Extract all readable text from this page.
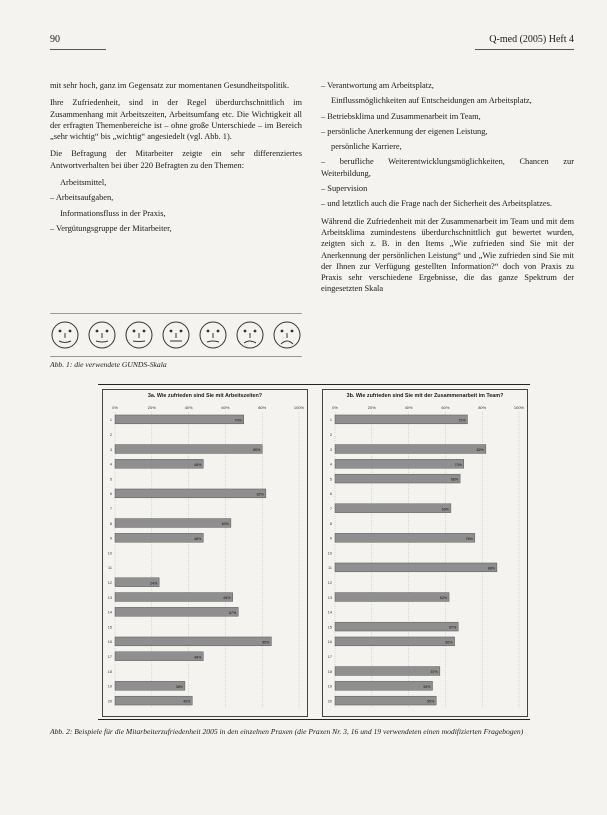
90	Q-med (2005) Heft 4

mit sehr hoch, ganz im Gegensatz zur momentanen Gesundheitspolitik.

Ihre Zufriedenheit, sind in der Regel überdurchschnittlich im Zusammenhang mit Arbeitszeiten, Arbeitsumfang etc. Die Wichtigkeit all der erfragten Themenbereiche ist – ohne große Unterschiede – im Bereich „sehr wichtig“ bis „wichtig“ angesiedelt (vgl. Abb. 1).

Die Befragung der Mitarbeiter zeigte ein sehr differenziertes Antwortverhalten bei über 220 Befragten zu den Themen:

Arbeitsmittel,
– Arbeitsaufgaben,
Informationsfluss in der Praxis,
– Vergütungsgruppe der Mitarbeiter,
Abb. 1: die verwendete GUNDS-Skala
– Verantwortung am Arbeitsplatz,
Einflussmöglichkeiten auf Entscheidungen am Arbeitsplatz,
– Betriebsklima und Zusammenarbeit im Team,
– persönliche Anerkennung der eigenen Leistung,
persönliche Karriere,
– berufliche Weiterentwicklungsmöglichkeiten, Chancen zur Weiterbildung,
– Supervision
– und letztlich auch die Frage nach der Sicherheit des Arbeitsplatzes.

Während die Zufriedenheit mit der Zusammenarbeit im Team und mit dem Arbeitsklima zumindestens überdurchschnittlich gut bewertet wurden, zeigten sich z. B. in den Items „Wie zufrieden sind Sie mit der Anerkennung der persönlichen Leistung“ und „Wie zufrieden sind Sie mit der Ihnen zur Verfügung gestellten Information?“ doch von Praxis zu Praxis sehr verschiedene Ergebnisse, die das ganze Spektrum der eingesetzten Skala

3a. Wie zufrieden sind Sie mit Arbeitszeiten?
0%	20%	40%	60%	80%	100%
1	70%
2
3	80%
4	48%
5
6	82%
7
8	63%
9	48%
10
11
12	24%
13	64%
14	67%
15
16	85%
17	48%
18
19	38%
20	42%
3b. Wie zufrieden sind Sie mit der Zusammenarbeit im Team?
0%	20%	40%	60%	80%	100%
1	72%
2
3	82%
4	70%
5	68%
6
7	63%
8
9	76%
10
11	88%
12
13	62%
14
15	67%
16	65%
17
18	57%
19	53%
20	55%
Abb. 2: Beispiele für die Mitarbeiterzufriedenheit 2005 in den einzelnen Praxen (die Praxen Nr. 3, 16 und 19 verwendeten einen modifizierten Fragebogen)
